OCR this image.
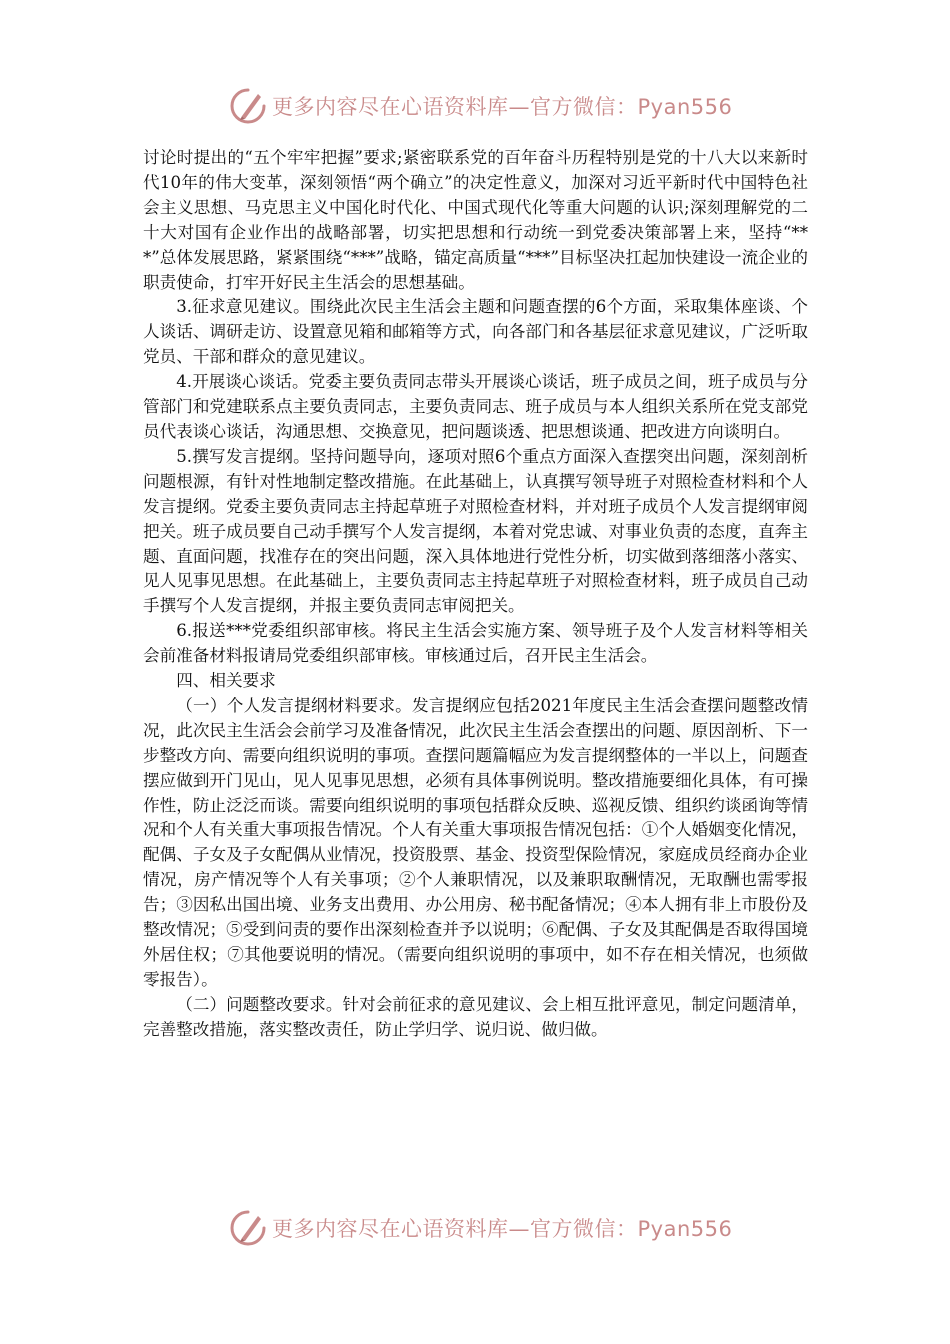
更多内容尽在心语资料库—官方微信：Pyan556

讨论时提出的“五个牢牢把握”要求;紧密联系党的百年奋斗历程特别是党的十八大以来新时代10年的伟大变革，深刻领悟“两个确立”的决定性意义，加深对习近平新时代中国特色社会主义思想、马克思主义中国化时代化、中国式现代化等重大问题的认识;深刻理解党的二十大对国有企业作出的战略部署，切实把思想和行动统一到党委决策部署上来，坚持“***”总体发展思路，紧紧围绕“***”战略，锚定高质量“***”目标坚决扛起加快建设一流企业的职责使命，打牢开好民主生活会的思想基础。

3.征求意见建议。围绕此次民主生活会主题和问题查摆的6个方面，采取集体座谈、个人谈话、调研走访、设置意见箱和邮箱等方式，向各部门和各基层征求意见建议，广泛听取党员、干部和群众的意见建议。

4.开展谈心谈话。党委主要负责同志带头开展谈心谈话，班子成员之间，班子成员与分管部门和党建联系点主要负责同志，主要负责同志、班子成员与本人组织关系所在党支部党员代表谈心谈话，沟通思想、交换意见，把问题谈透、把思想谈通、把改进方向谈明白。

5.撰写发言提纲。坚持问题导向，逐项对照6个重点方面深入查摆突出问题，深刻剖析问题根源，有针对性地制定整改措施。在此基础上，认真撰写领导班子对照检查材料和个人发言提纲。党委主要负责同志主持起草班子对照检查材料，并对班子成员个人发言提纲审阅把关。班子成员要自己动手撰写个人发言提纲，本着对党忠诚、对事业负责的态度，直奔主题、直面问题，找准存在的突出问题，深入具体地进行党性分析，切实做到落细落小落实、见人见事见思想。在此基础上，主要负责同志主持起草班子对照检查材料，班子成员自己动手撰写个人发言提纲，并报主要负责同志审阅把关。

6.报送***党委组织部审核。将民主生活会实施方案、领导班子及个人发言材料等相关会前准备材料报请局党委组织部审核。审核通过后，召开民主生活会。

四、相关要求

（一）个人发言提纲材料要求。发言提纲应包括2021年度民主生活会查摆问题整改情况，此次民主生活会会前学习及准备情况，此次民主生活会查摆出的问题、原因剖析、下一步整改方向、需要向组织说明的事项。查摆问题篇幅应为发言提纲整体的一半以上，问题查摆应做到开门见山，见人见事见思想，必须有具体事例说明。整改措施要细化具体，有可操作性，防止泛泛而谈。需要向组织说明的事项包括群众反映、巡视反馈、组织约谈函询等情况和个人有关重大事项报告情况。个人有关重大事项报告情况包括：①个人婚姻变化情况，配偶、子女及子女配偶从业情况，投资股票、基金、投资型保险情况，家庭成员经商办企业情况，房产情况等个人有关事项；②个人兼职情况，以及兼职取酬情况，无取酬也需零报告；③因私出国出境、业务支出费用、办公用房、秘书配备情况；④本人拥有非上市股份及整改情况；⑤受到问责的要作出深刻检查并予以说明；⑥配偶、子女及其配偶是否取得国境外居住权；⑦其他要说明的情况。（需要向组织说明的事项中，如不存在相关情况，也须做零报告）。

（二）问题整改要求。针对会前征求的意见建议、会上相互批评意见，制定问题清单，完善整改措施，落实整改责任，防止学归学、说归说、做归做。

更多内容尽在心语资料库—官方微信：Pyan556
